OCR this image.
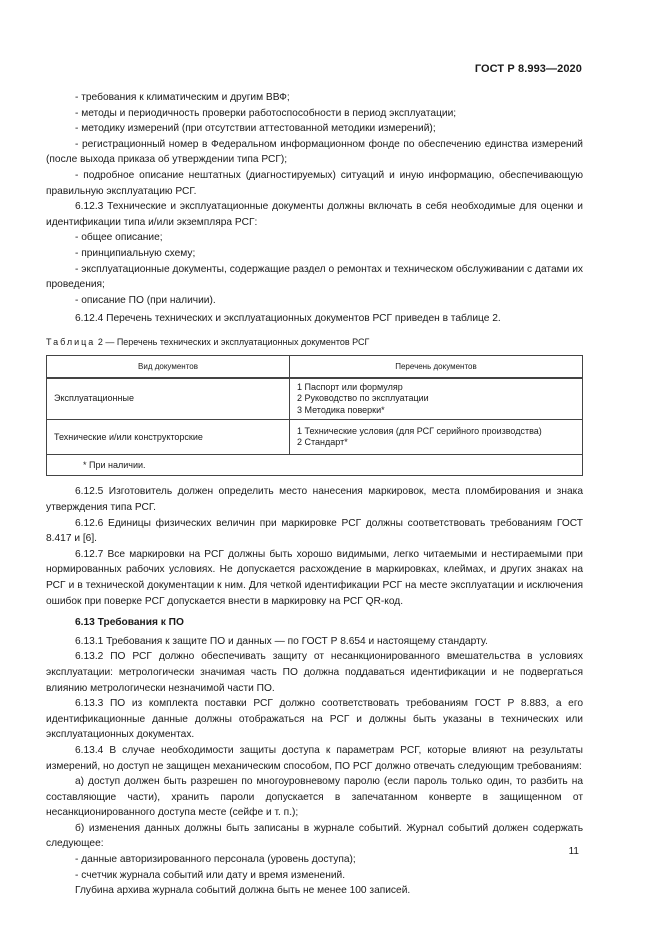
ГОСТ Р 8.993—2020

- требования к климатическим и другим ВВФ;

- методы и периодичность проверки работоспособности в период эксплуатации;

- методику измерений (при отсутствии аттестованной методики измерений);

- регистрационный номер в Федеральном информационном фонде по обеспечению единства измерений (после выхода приказа об утверждении типа РСГ);

- подробное описание нештатных (диагностируемых) ситуаций и иную информацию, обеспечивающую правильную эксплуатацию РСГ.

6.12.3 Технические и эксплуатационные документы должны включать в себя необходимые для оценки и идентификации типа и/или экземпляра РСГ:

- общее описание;

- принципиальную схему;

- эксплуатационные документы, содержащие раздел о ремонтах и техническом обслуживании с датами их проведения;

- описание ПО (при наличии).

6.12.4 Перечень технических и эксплуатационных документов РСГ приведен в таблице 2.

Таблица 2 — Перечень технических и эксплуатационных документов РСГ

Вид документов	Перечень документов
Эксплуатационные	1 Паспорт или формуляр
2 Руководство по эксплуатации
3 Методика поверки*

Технические и/или конструкторские	1 Технические условия (для РСГ серийного производства)
2 Стандарт*

* При наличии.	

6.12.5 Изготовитель должен определить место нанесения маркировок, места пломбирования и знака утверждения типа РСГ.

6.12.6 Единицы физических величин при маркировке РСГ должны соответствовать требованиям ГОСТ 8.417 и [6].

6.12.7 Все маркировки на РСГ должны быть хорошо видимыми, легко читаемыми и нестираемыми при нормированных рабочих условиях. Не допускается расхождение в маркировках, клеймах, и других знаках на РСГ и в технической документации к ним. Для четкой идентификации РСГ на месте эксплуатации и исключения ошибок при поверке РСГ допускается внести в маркировку на РСГ QR-код.

6.13 Требования к ПО

6.13.1 Требования к защите ПО и данных — по ГОСТ Р 8.654 и настоящему стандарту.

6.13.2 ПО РСГ должно обеспечивать защиту от несанкционированного вмешательства в условиях эксплуатации: метрологически значимая часть ПО должна поддаваться идентификации и не подвергаться влиянию метрологически незначимой части ПО.

6.13.3 ПО из комплекта поставки РСГ должно соответствовать требованиям ГОСТ Р 8.883, а его идентификационные данные должны отображаться на РСГ и должны быть указаны в технических или эксплуатационных документах.

6.13.4 В случае необходимости защиты доступа к параметрам РСГ, которые влияют на результаты измерений, но доступ не защищен механическим способом, ПО РСГ должно отвечать следующим требованиям:

а) доступ должен быть разрешен по многоуровневому паролю (если пароль только один, то разбить на составляющие части), хранить пароли допускается в запечатанном конверте в защищенном от несанкционированного доступа месте (сейфе и т. п.);

б) изменения данных должны быть записаны в журнале событий. Журнал событий должен содержать следующее:

- данные авторизированного персонала (уровень доступа);

- счетчик журнала событий или дату и время изменений.

Глубина архива журнала событий должна быть не менее 100 записей.

11
